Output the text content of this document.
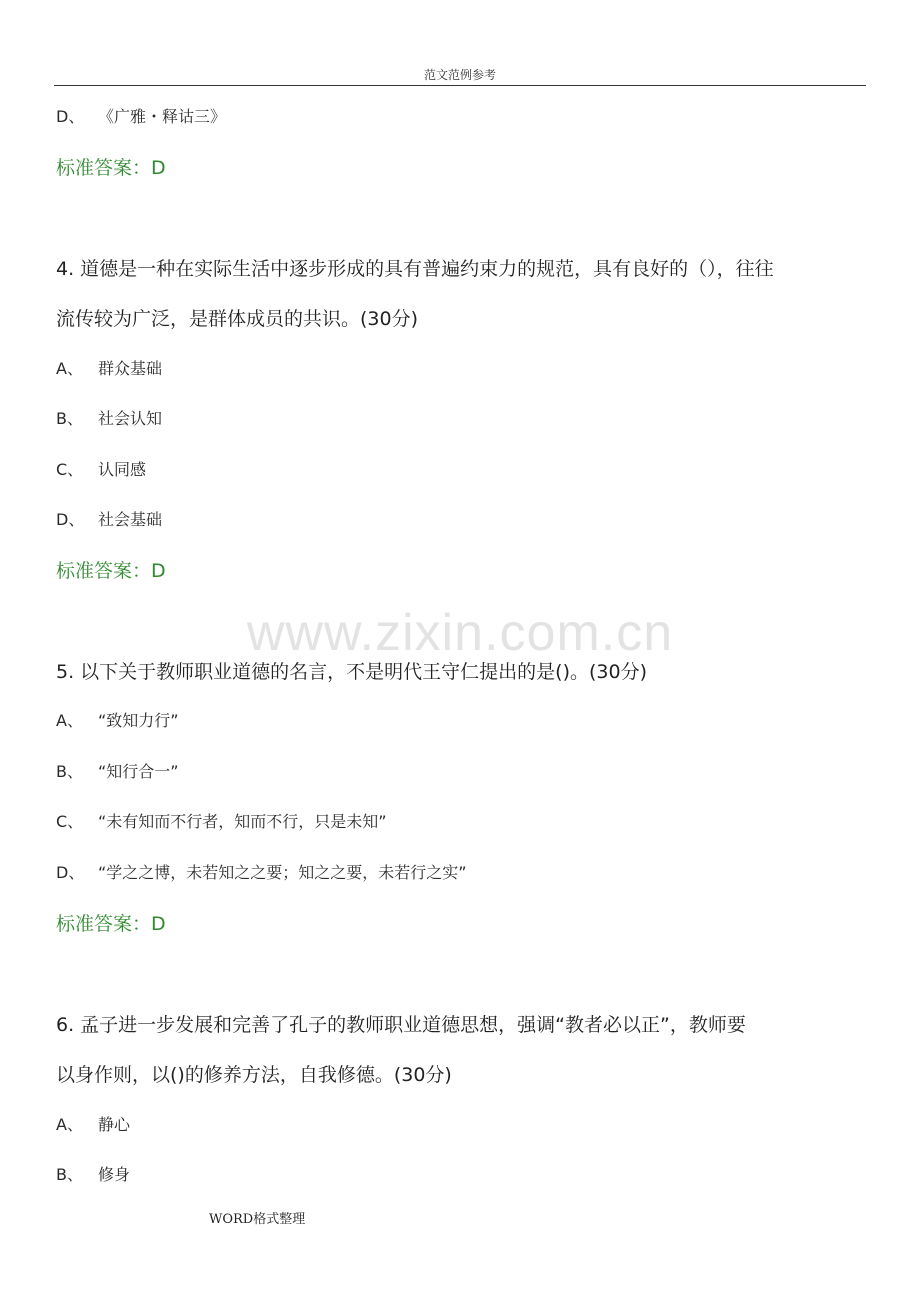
范文范例参考
www.zixin.com.cn
D、 《广雅・释诂三》
标准答案：D
4. 道德是一种在实际生活中逐步形成的具有普遍约束力的规范，具有良好的（），往往
流传较为广泛，是群体成员的共识。(30分)
A、 群众基础
B、 社会认知
C、 认同感
D、 社会基础
标准答案：D
5. 以下关于教师职业道德的名言，不是明代王守仁提出的是()。(30分)
A、 “致知力行”
B、 “知行合一”
C、 “未有知而不行者，知而不行，只是未知”
D、 “学之之博，未若知之之要；知之之要，未若行之实”
标准答案：D
6. 孟子进一步发展和完善了孔子的教师职业道德思想，强调“教者必以正”，教师要
以身作则，以()的修养方法，自我修德。(30分)
A、 静心
B、 修身
WORD格式整理
